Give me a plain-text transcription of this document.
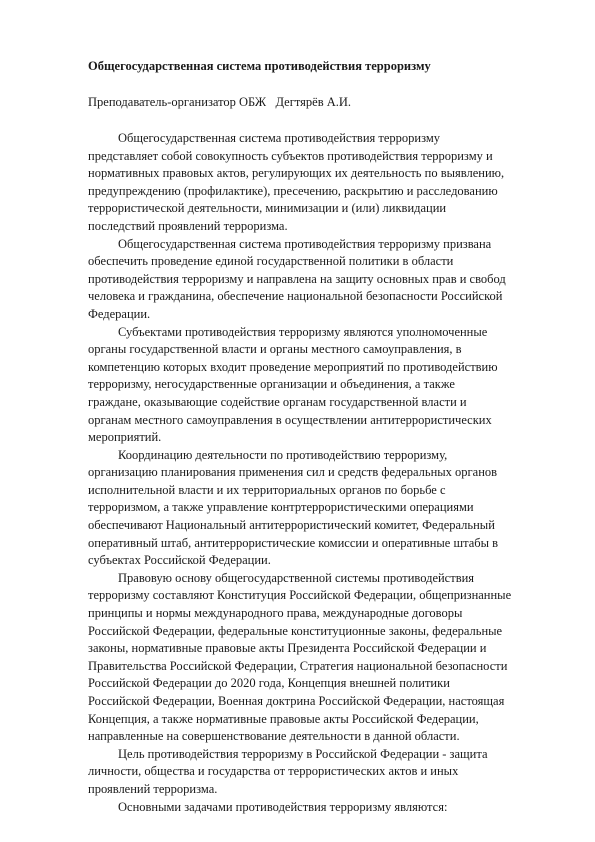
Общегосударственная система противодействия терроризму

Преподаватель-организатор ОБЖ   Дегтярёв А.И.

Общегосударственная система противодействия терроризму
представляет собой совокупность субъектов противодействия терроризму и
нормативных правовых актов, регулирующих их деятельность по выявлению,
предупреждению (профилактике), пресечению, раскрытию и расследованию
террористической деятельности, минимизации и (или) ликвидации
последствий проявлений терроризма.

Общегосударственная система противодействия терроризму призвана
обеспечить проведение единой государственной политики в области
противодействия терроризму и направлена на защиту основных прав и свобод
человека и гражданина, обеспечение национальной безопасности Российской
Федерации.

Субъектами противодействия терроризму являются уполномоченные
органы государственной власти и органы местного самоуправления, в
компетенцию которых входит проведение мероприятий по противодействию
терроризму, негосударственные организации и объединения, а также
граждане, оказывающие содействие органам государственной власти и
органам местного самоуправления в осуществлении антитеррористических
мероприятий.

Координацию деятельности по противодействию терроризму,
организацию планирования применения сил и средств федеральных органов
исполнительной власти и их территориальных органов по борьбе с
терроризмом, а также управление контртеррористическими операциями
обеспечивают Национальный антитеррористический комитет, Федеральный
оперативный штаб, антитеррористические комиссии и оперативные штабы в
субъектах Российской Федерации.

Правовую основу общегосударственной системы противодействия
терроризму составляют Конституция Российской Федерации, общепризнанные
принципы и нормы международного права, международные договоры
Российской Федерации, федеральные конституционные законы, федеральные
законы, нормативные правовые акты Президента Российской Федерации и
Правительства Российской Федерации, Стратегия национальной безопасности
Российской Федерации до 2020 года, Концепция внешней политики
Российской Федерации, Военная доктрина Российской Федерации, настоящая
Концепция, а также нормативные правовые акты Российской Федерации,
направленные на совершенствование деятельности в данной области.

Цель противодействия терроризму в Российской Федерации - защита
личности, общества и государства от террористических актов и иных
проявлений терроризма.

Основными задачами противодействия терроризму являются:
